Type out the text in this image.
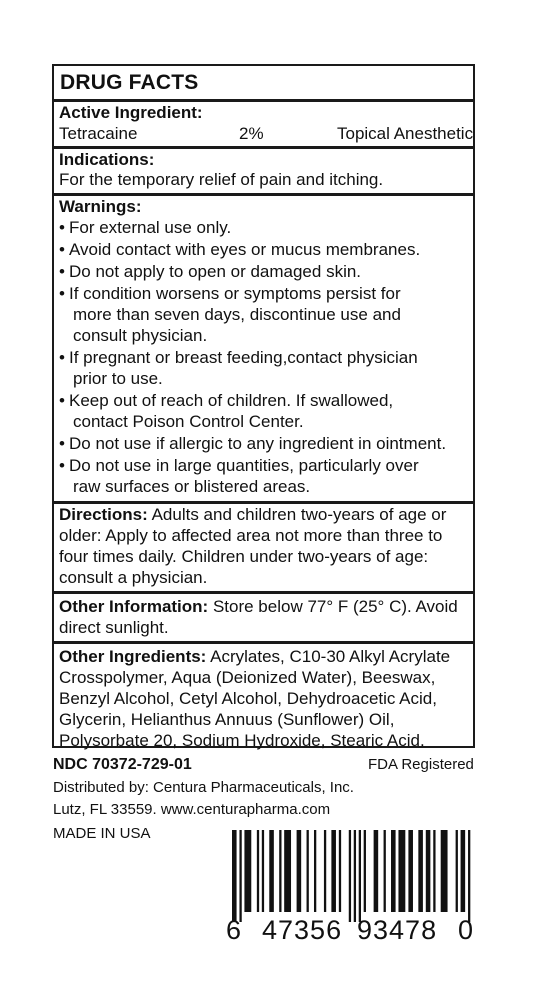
DRUG FACTS
Active Ingredient:
Tetracaine	2%	Topical Anesthetic
Indications:
For the temporary relief of pain and itching.
Warnings:
• For external use only.
• Avoid contact with eyes or mucus membranes.
• Do not apply to open or damaged skin.
• If condition worsens or symptoms persist for
more than seven days, discontinue use and
consult physician.
• If pregnant or breast feeding,contact physician
prior to use.
• Keep out of reach of children. If swallowed,
contact Poison Control Center.
• Do not use if allergic to any ingredient in ointment.
• Do not use in large quantities, particularly over
raw surfaces or blistered areas.
Directions: Adults and children two-years of age or
older: Apply to affected area not more than three to
four times daily. Children under two-years of age:
consult a physician.
Other Information: Store below 77° F (25° C). Avoid
direct sunlight.
Other Ingredients: Acrylates, C10-30 Alkyl Acrylate
Crosspolymer, Aqua (Deionized Water), Beeswax,
Benzyl Alcohol, Cetyl Alcohol, Dehydroacetic Acid,
Glycerin, Helianthus Annuus (Sunflower) Oil,
Polysorbate 20, Sodium Hydroxide, Stearic Acid.
NDC 70372-729-01	FDA Registered
Distributed by: Centura Pharmaceuticals, Inc.
Lutz, FL 33559. www.centurapharma.com
MADE IN USA
6 47356 93478 0
